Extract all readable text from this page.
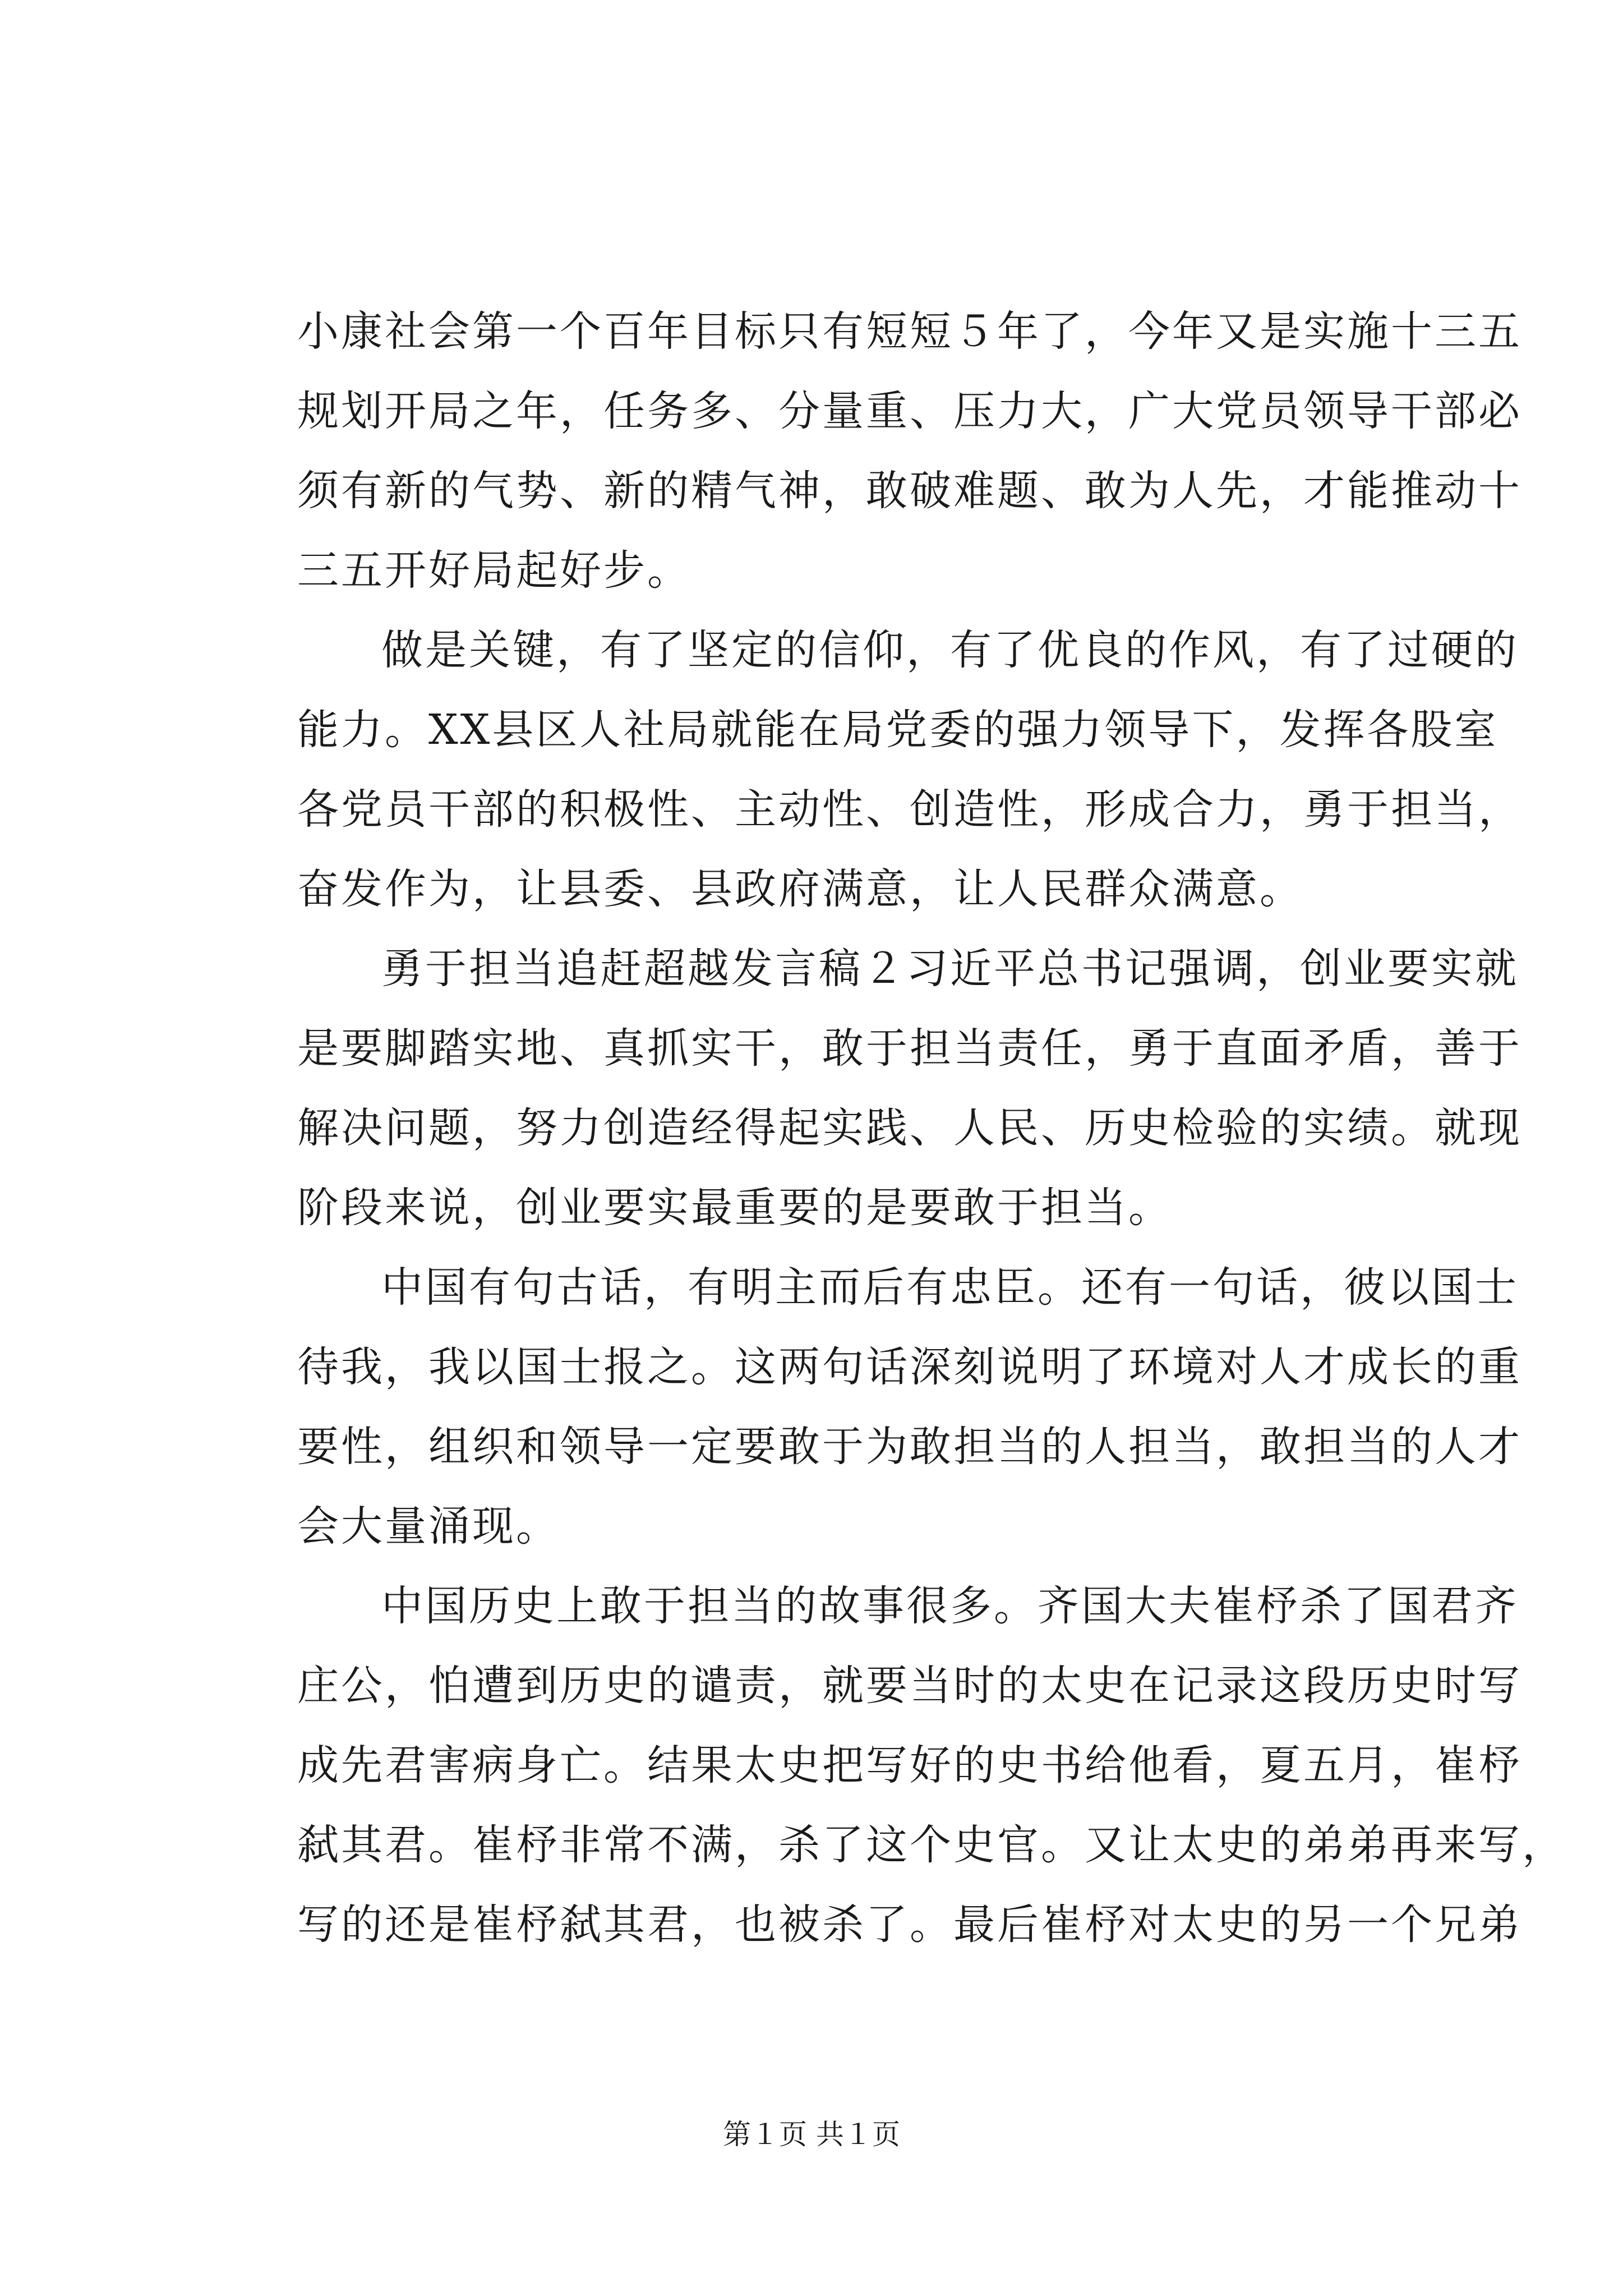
小康社会第一个百年目标只有短短５年了，今年又是实施十三五
规划开局之年，任务多、分量重、压力大，广大党员领导干部必
须有新的气势、新的精气神，敢破难题、敢为人先，才能推动十
三五开好局起好步。
做是关键，有了坚定的信仰，有了优良的作风，有了过硬的
能力。XX县区人社局就能在局党委的强力领导下，发挥各股室
各党员干部的积极性、主动性、创造性，形成合力，勇于担当，
奋发作为，让县委、县政府满意，让人民群众满意。
勇于担当追赶超越发言稿２习近平总书记强调，创业要实就
是要脚踏实地、真抓实干，敢于担当责任，勇于直面矛盾，善于
解决问题，努力创造经得起实践、人民、历史检验的实绩。就现
阶段来说，创业要实最重要的是要敢于担当。
中国有句古话，有明主而后有忠臣。还有一句话，彼以国士
待我，我以国士报之。这两句话深刻说明了环境对人才成长的重
要性，组织和领导一定要敢于为敢担当的人担当，敢担当的人才
会大量涌现。
中国历史上敢于担当的故事很多。齐国大夫崔杼杀了国君齐
庄公，怕遭到历史的谴责，就要当时的太史在记录这段历史时写
成先君害病身亡。结果太史把写好的史书给他看，夏五月，崔杼
弑其君。崔杼非常不满，杀了这个史官。又让太史的弟弟再来写，
写的还是崔杼弑其君，也被杀了。最后崔杼对太史的另一个兄弟
第１页 共１页
